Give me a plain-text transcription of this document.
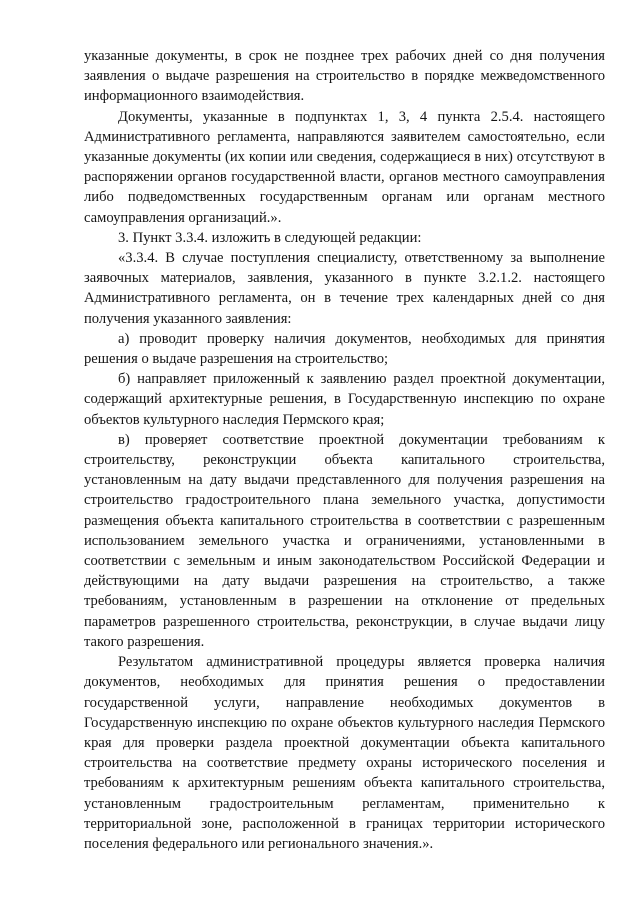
указанные документы, в срок не позднее трех рабочих дней со дня получения заявления о выдаче разрешения на строительство в порядке межведомственного информационного взаимодействия.

Документы, указанные в подпунктах 1, 3, 4 пункта 2.5.4. настоящего Административного регламента, направляются заявителем самостоятельно, если указанные документы (их копии или сведения, содержащиеся в них) отсутствуют в распоряжении органов государственной власти, органов местного самоуправления либо подведомственных государственным органам или органам местного самоуправления организаций.».

3. Пункт 3.3.4. изложить в следующей редакции:

«3.3.4. В случае поступления специалисту, ответственному за выполнение заявочных материалов, заявления, указанного в пункте 3.2.1.2. настоящего Административного регламента, он в течение трех календарных дней со дня получения указанного заявления:

а) проводит проверку наличия документов, необходимых для принятия решения о выдаче разрешения на строительство;

б) направляет приложенный к заявлению раздел проектной документации, содержащий архитектурные решения, в Государственную инспекцию по охране объектов культурного наследия Пермского края;

в) проверяет соответствие проектной документации требованиям к строительству, реконструкции объекта капитального строительства, установленным на дату выдачи представленного для получения разрешения на строительство градостроительного плана земельного участка, допустимости размещения объекта капитального строительства в соответствии с разрешенным использованием земельного участка и ограничениями, установленными в соответствии с земельным и иным законодательством Российской Федерации и действующими на дату выдачи разрешения на строительство, а также требованиям, установленным в разрешении на отклонение от предельных параметров разрешенного строительства, реконструкции, в случае выдачи лицу такого разрешения.

Результатом административной процедуры является проверка наличия документов, необходимых для принятия решения о предоставлении государственной услуги, направление необходимых документов в Государственную инспекцию по охране объектов культурного наследия Пермского края для проверки раздела проектной документации объекта капитального строительства на соответствие предмету охраны исторического поселения и требованиям к архитектурным решениям объекта капитального строительства, установленным градостроительным регламентам, применительно к территориальной зоне, расположенной в границах территории исторического поселения федерального или регионального значения.».
